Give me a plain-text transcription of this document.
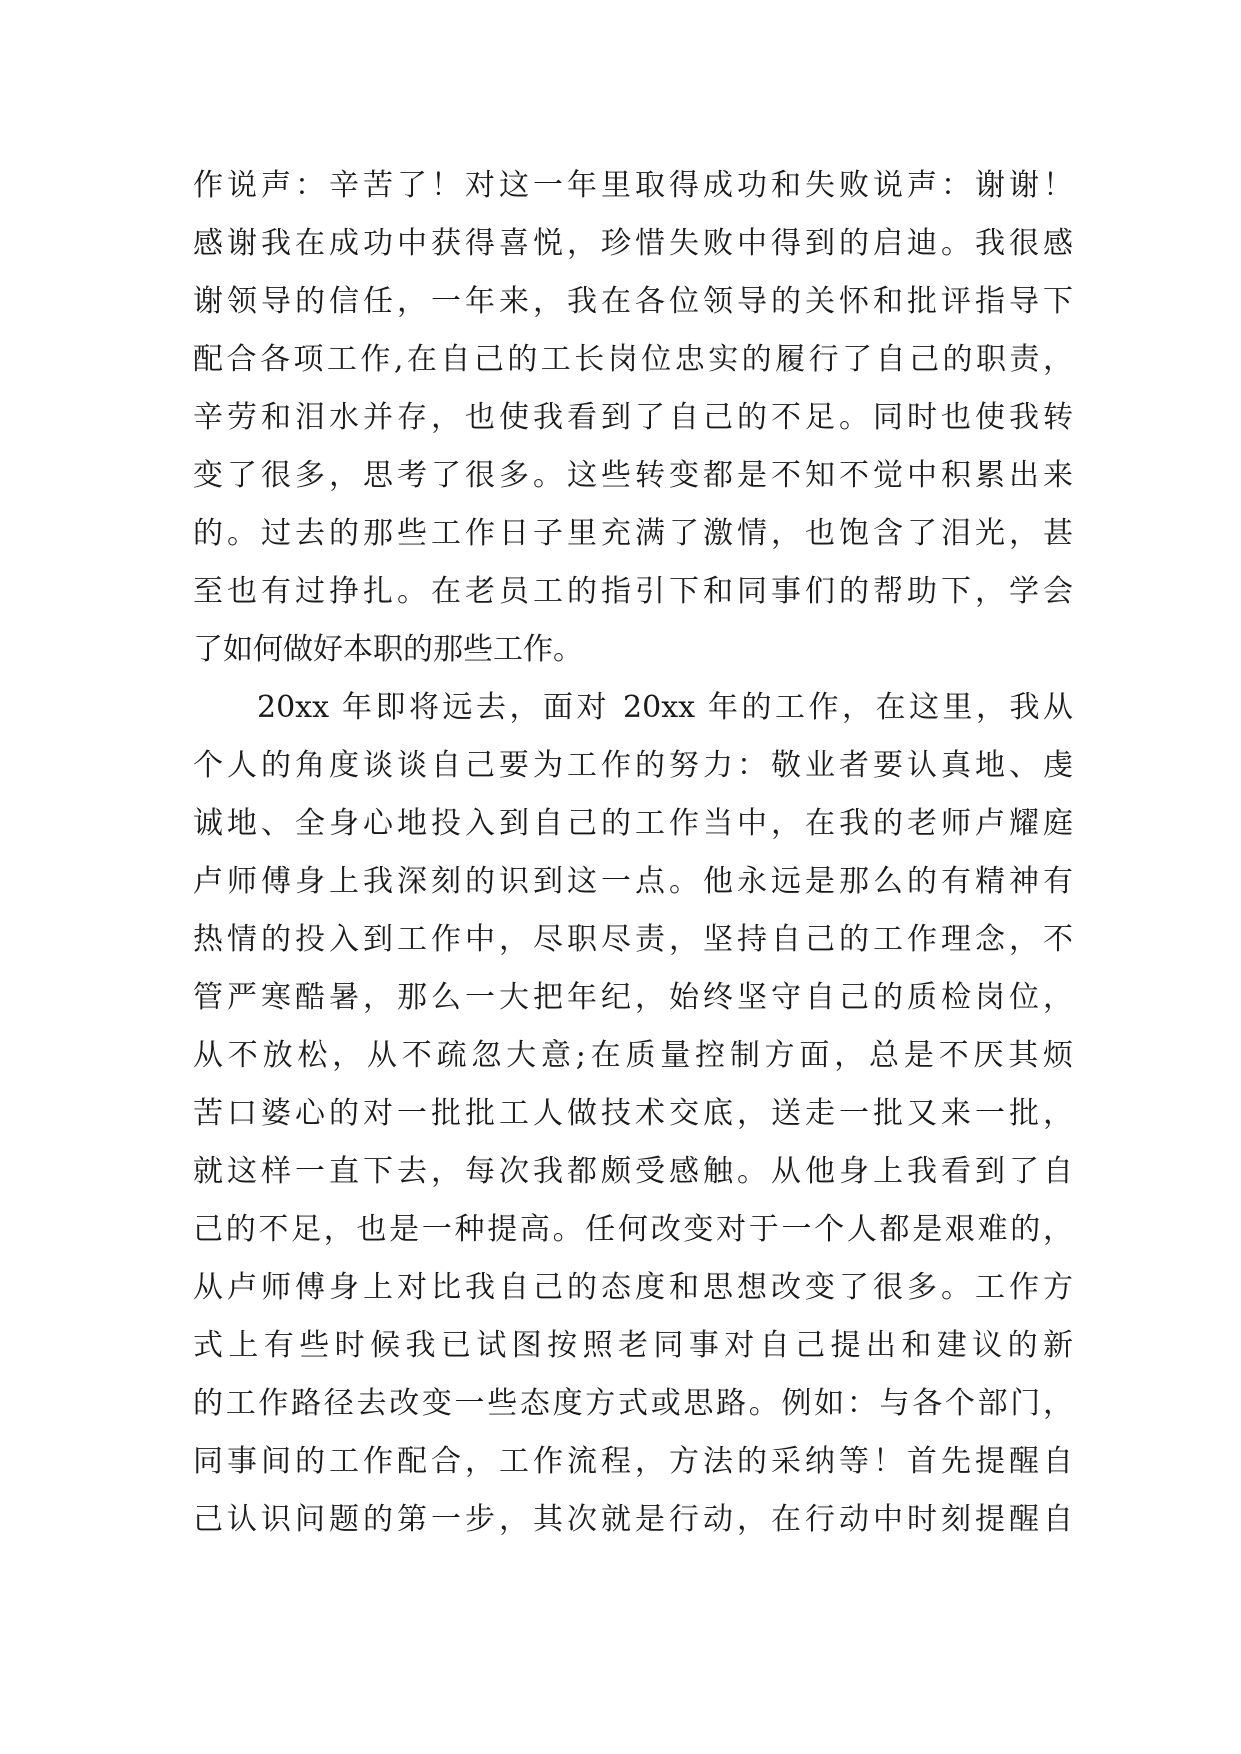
作说声：辛苦了！对这一年里取得成功和失败说声：谢谢！
感谢我在成功中获得喜悦，珍惜失败中得到的启迪。我很感
谢领导的信任，一年来，我在各位领导的关怀和批评指导下
配合各项工作,在自己的工长岗位忠实的履行了自己的职责，
辛劳和泪水并存，也使我看到了自己的不足。同时也使我转
变了很多，思考了很多。这些转变都是不知不觉中积累出来
的。过去的那些工作日子里充满了激情，也饱含了泪光，甚
至也有过挣扎。在老员工的指引下和同事们的帮助下，学会
了如何做好本职的那些工作。
20xx 年即将远去，面对 20xx 年的工作，在这里，我从
个人的角度谈谈自己要为工作的努力：敬业者要认真地、虔
诚地、全身心地投入到自己的工作当中，在我的老师卢耀庭
卢师傅身上我深刻的识到这一点。他永远是那么的有精神有
热情的投入到工作中，尽职尽责，坚持自己的工作理念，不
管严寒酷暑，那么一大把年纪，始终坚守自己的质检岗位，
从不放松，从不疏忽大意;在质量控制方面，总是不厌其烦
苦口婆心的对一批批工人做技术交底，送走一批又来一批，
就这样一直下去，每次我都颇受感触。从他身上我看到了自
己的不足，也是一种提高。任何改变对于一个人都是艰难的，
从卢师傅身上对比我自己的态度和思想改变了很多。工作方
式上有些时候我已试图按照老同事对自己提出和建议的新
的工作路径去改变一些态度方式或思路。例如：与各个部门，
同事间的工作配合，工作流程，方法的采纳等！首先提醒自
己认识问题的第一步，其次就是行动，在行动中时刻提醒自
